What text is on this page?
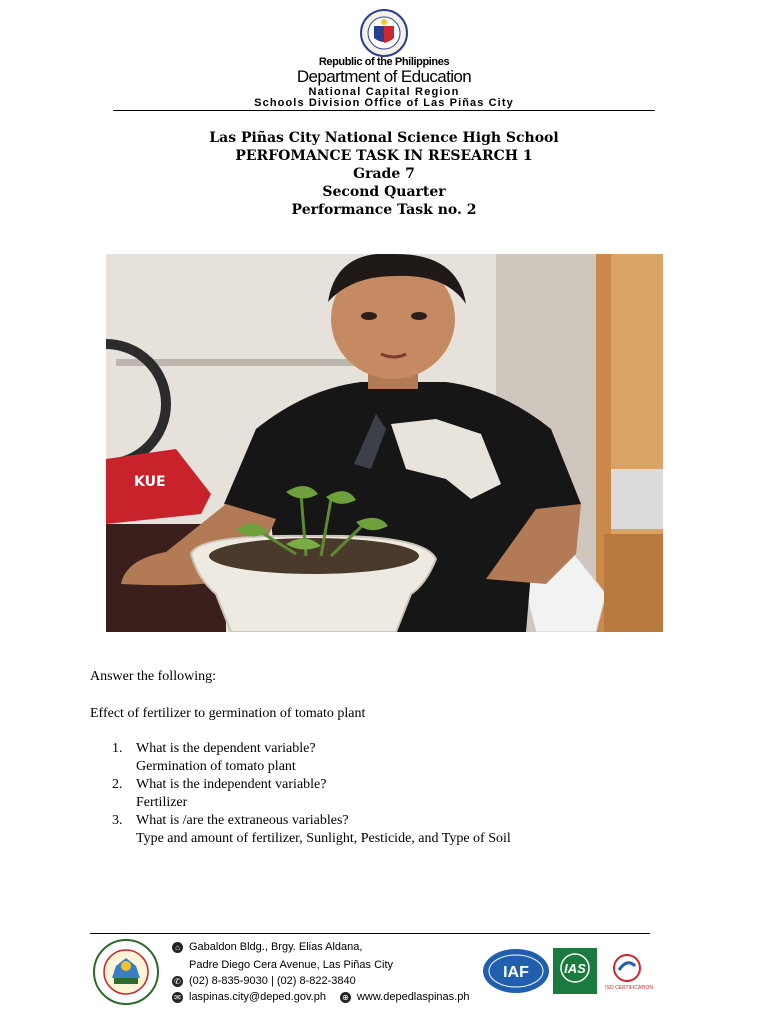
Republic of the Philippines
Department of Education
National Capital Region
Schools Division Office of Las Piñas City
Las Piñas City National Science High School
PERFOMANCE TASK IN RESEARCH 1
Grade 7
Second Quarter
Performance Task no. 2
KUE
Answer the following:
Effect of fertilizer to germination of tomato plant
1. What is the dependent variable?
Germination of tomato plant
2. What is the independent variable?
Fertilizer
3. What is /are the extraneous variables?
Type and amount of fertilizer, Sunlight, Pesticide, and Type of Soil
⌂ Gabaldon Bldg., Brgy. Elias Aldana,
Padre Diego Cera Avenue, Las Piñas City
✆ (02) 8-835-9030 | (02) 8-822-3840
✉ laspinas.city@deped.gov.ph ⊕ www.depedlaspinas.ph
IAF	IAS
ISO CERTIFICATION
